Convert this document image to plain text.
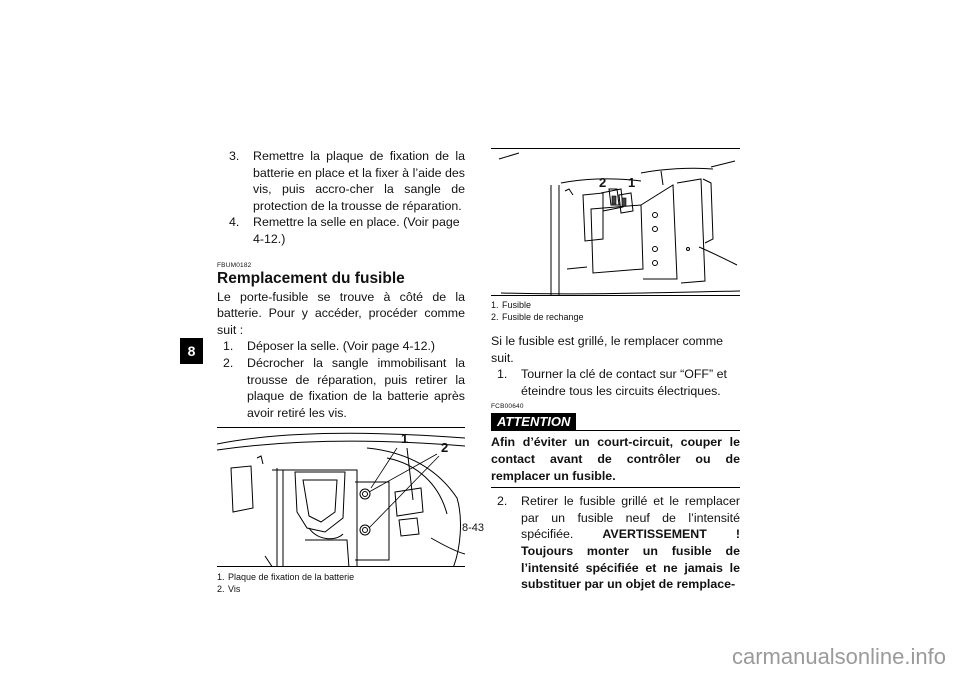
8
3.	Remettre la plaque de fixation de la batterie en place et la fixer à l’aide des vis, puis accro-cher la sangle de protection de la trousse de réparation.
4.	Remettre la selle en place. (Voir page 4-12.)
FBUM0182
Remplacement du fusible
Le porte-fusible se trouve à côté de la batterie. Pour y accéder, procéder comme suit :
1.	Déposer la selle. (Voir page 4-12.)
2.	Décrocher la sangle immobilisant la trousse de réparation, puis retirer la plaque de fixation de la batterie après avoir retiré les vis.
1
2
1. Plaque de fixation de la batterie
2. Vis
2 1
1. Fusible
2. Fusible de rechange
Si le fusible est grillé, le remplacer comme suit.
1.	Tourner la clé de contact sur “OFF” et éteindre tous les circuits électriques.
FCB00640
ATTENTION
Afin d’éviter un court-circuit, couper le contact avant de contrôler ou de remplacer un fusible.
2.	Retirer le fusible grillé et le remplacer par un fusible neuf de l’intensité spécifiée. AVERTISSEMENT ! Toujours monter un fusible de l’intensité spécifiée et ne jamais le substituer par un objet de remplace-
8-43
carmanualsonline.info
